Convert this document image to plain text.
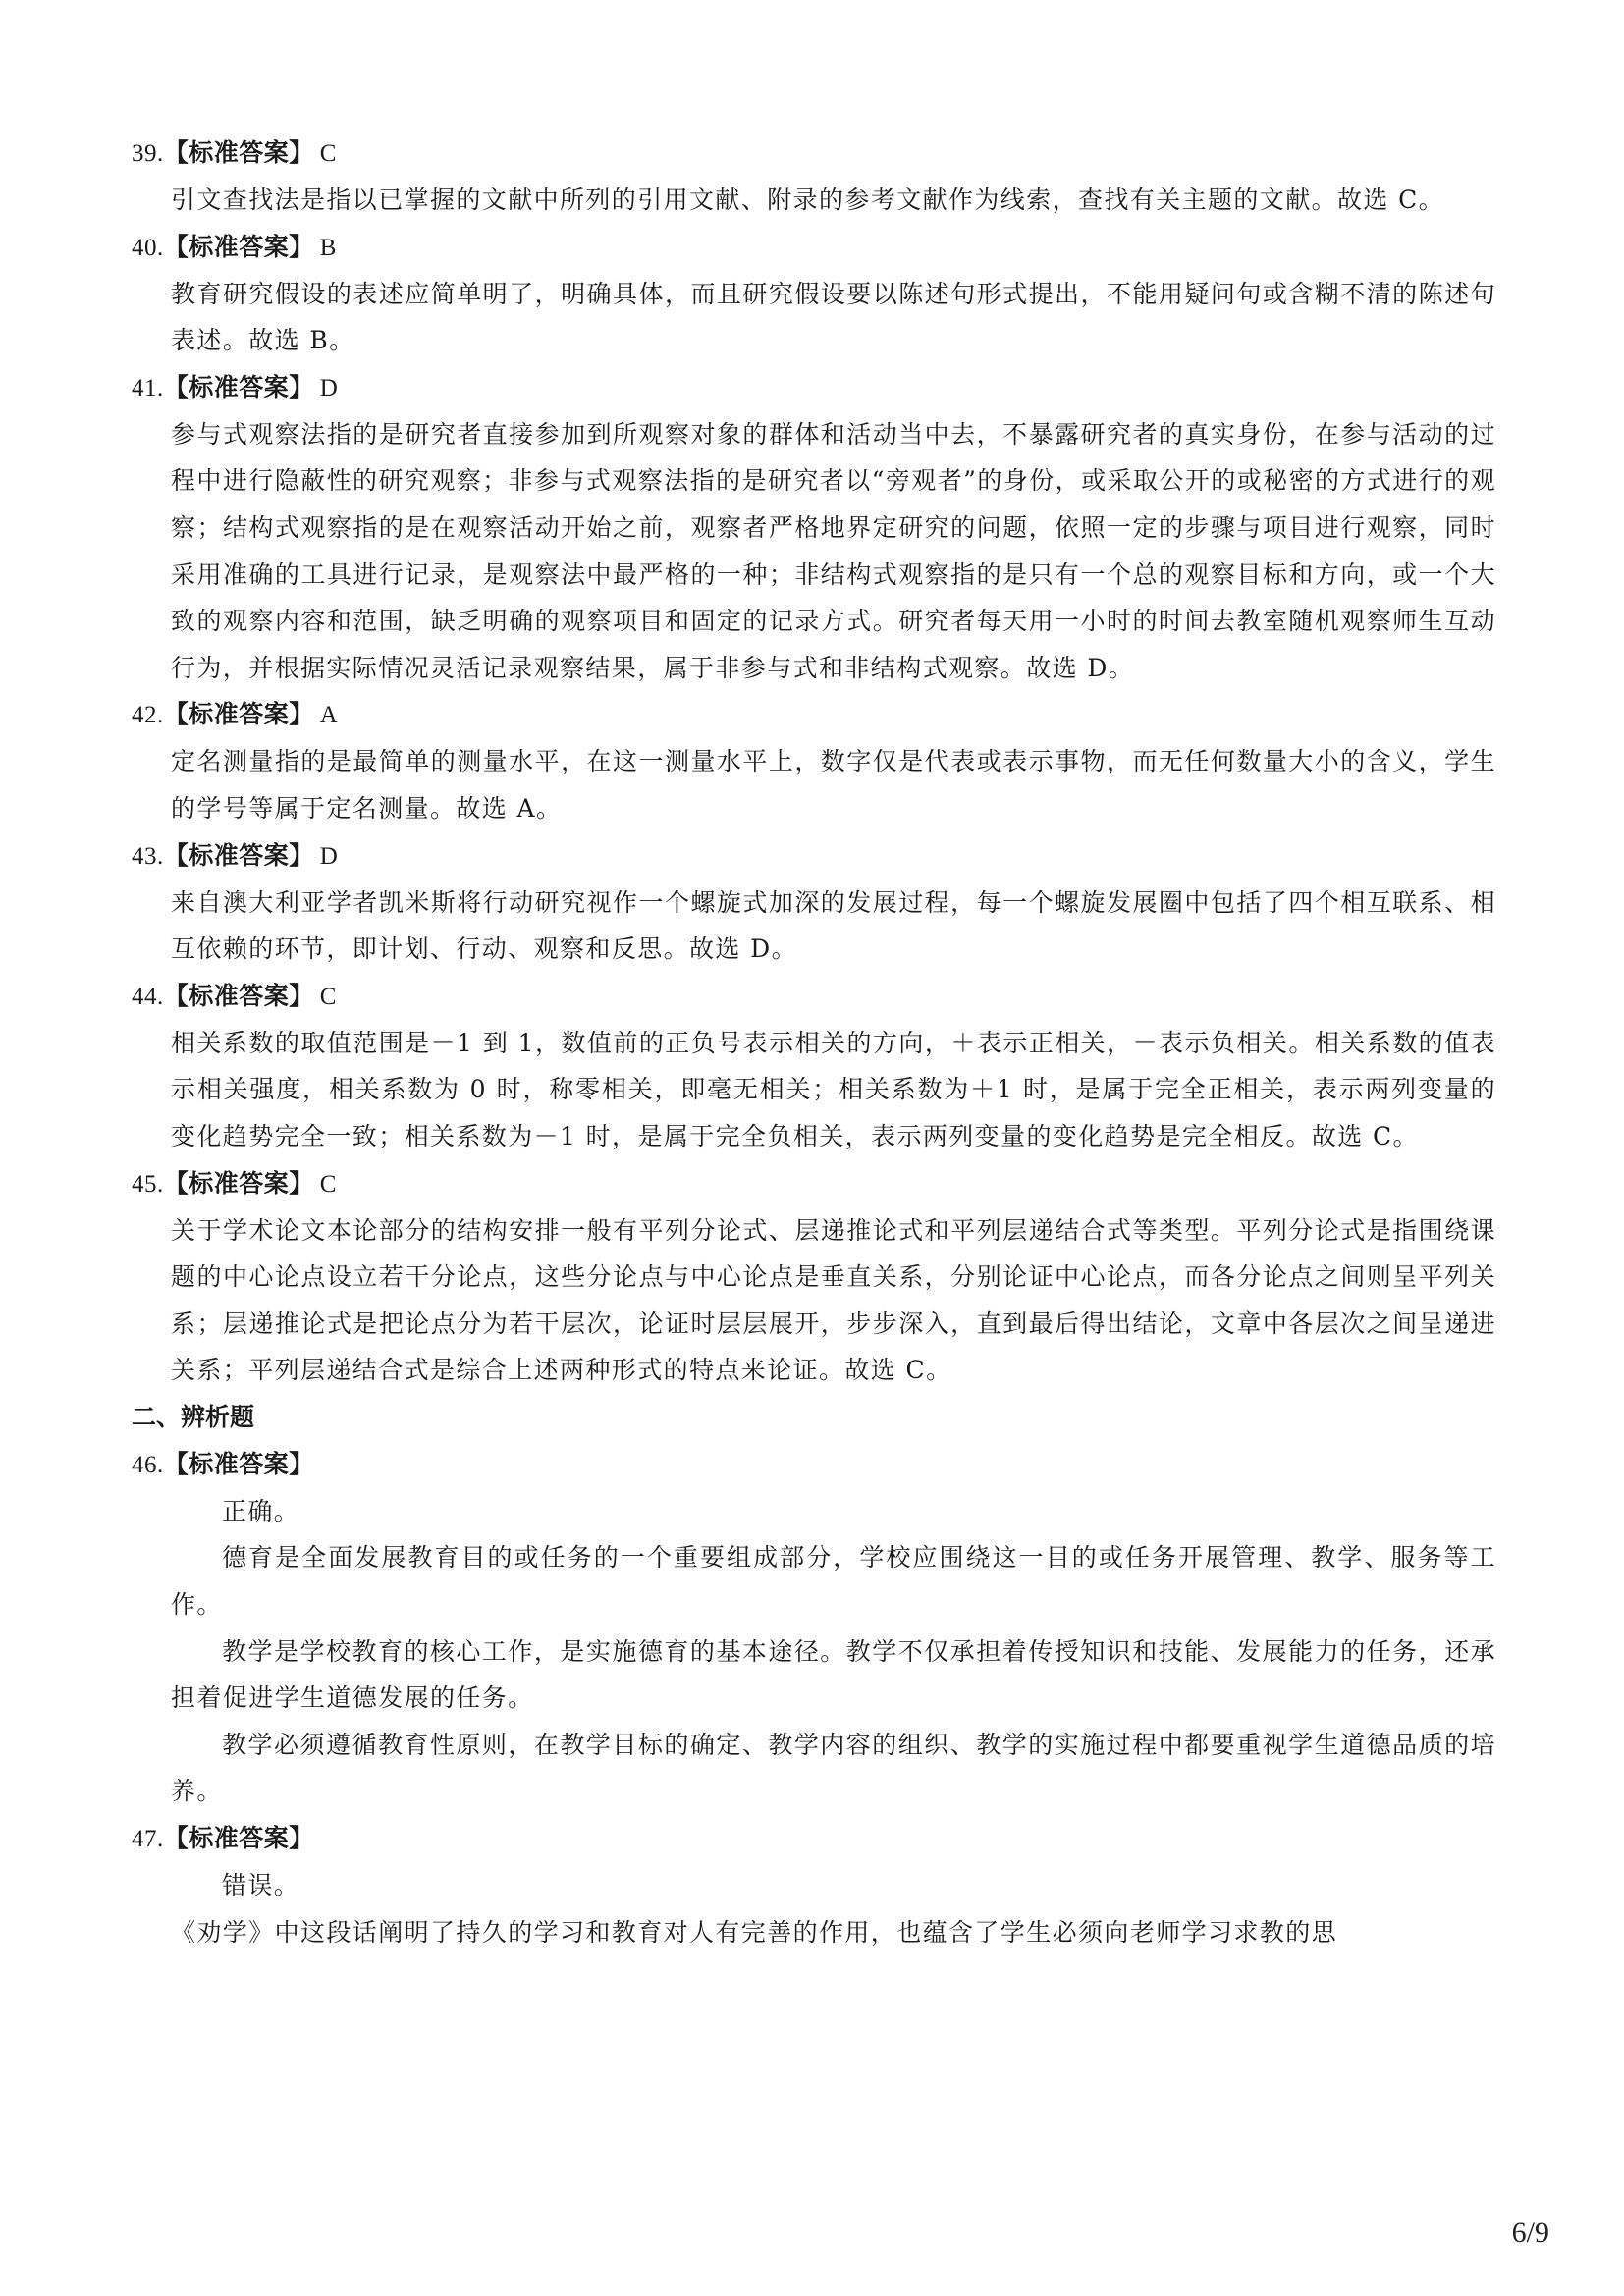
39.【标准答案】 C

引文查找法是指以已掌握的文献中所列的引用文献、附录的参考文献作为线索，查找有关主题的文献。故选 C。

40.【标准答案】 B

教育研究假设的表述应简单明了，明确具体，而且研究假设要以陈述句形式提出，不能用疑问句或含糊不清的陈述句表述。故选 B。

41.【标准答案】 D

参与式观察法指的是研究者直接参加到所观察对象的群体和活动当中去，不暴露研究者的真实身份，在参与活动的过程中进行隐蔽性的研究观察；非参与式观察法指的是研究者以“旁观者”的身份，或采取公开的或秘密的方式进行的观察；结构式观察指的是在观察活动开始之前，观察者严格地界定研究的问题，依照一定的步骤与项目进行观察，同时采用准确的工具进行记录，是观察法中最严格的一种；非结构式观察指的是只有一个总的观察目标和方向，或一个大致的观察内容和范围，缺乏明确的观察项目和固定的记录方式。研究者每天用一小时的时间去教室随机观察师生互动行为，并根据实际情况灵活记录观察结果，属于非参与式和非结构式观察。故选 D。

42.【标准答案】 A

定名测量指的是最简单的测量水平，在这一测量水平上，数字仅是代表或表示事物，而无任何数量大小的含义，学生的学号等属于定名测量。故选 A。

43.【标准答案】 D

来自澳大利亚学者凯米斯将行动研究视作一个螺旋式加深的发展过程，每一个螺旋发展圈中包括了四个相互联系、相互依赖的环节，即计划、行动、观察和反思。故选 D。

44.【标准答案】 C

相关系数的取值范围是－1 到 1，数值前的正负号表示相关的方向，＋表示正相关，－表示负相关。相关系数的值表示相关强度，相关系数为 0 时，称零相关，即毫无相关；相关系数为＋1 时，是属于完全正相关，表示两列变量的变化趋势完全一致；相关系数为－1 时，是属于完全负相关，表示两列变量的变化趋势是完全相反。故选 C。

45.【标准答案】 C

关于学术论文本论部分的结构安排一般有平列分论式、层递推论式和平列层递结合式等类型。平列分论式是指围绕课题的中心论点设立若干分论点，这些分论点与中心论点是垂直关系，分别论证中心论点，而各分论点之间则呈平列关系；层递推论式是把论点分为若干层次，论证时层层展开，步步深入，直到最后得出结论，文章中各层次之间呈递进关系；平列层递结合式是综合上述两种形式的特点来论证。故选 C。

二、辨析题
46.【标准答案】

正确。

德育是全面发展教育目的或任务的一个重要组成部分，学校应围绕这一目的或任务开展管理、教学、服务等工作。

教学是学校教育的核心工作，是实施德育的基本途径。教学不仅承担着传授知识和技能、发展能力的任务，还承担着促进学生道德发展的任务。

教学必须遵循教育性原则，在教学目标的确定、教学内容的组织、教学的实施过程中都要重视学生道德品质的培养。

47.【标准答案】

错误。

《劝学》中这段话阐明了持久的学习和教育对人有完善的作用，也蕴含了学生必须向老师学习求教的思

6/9
